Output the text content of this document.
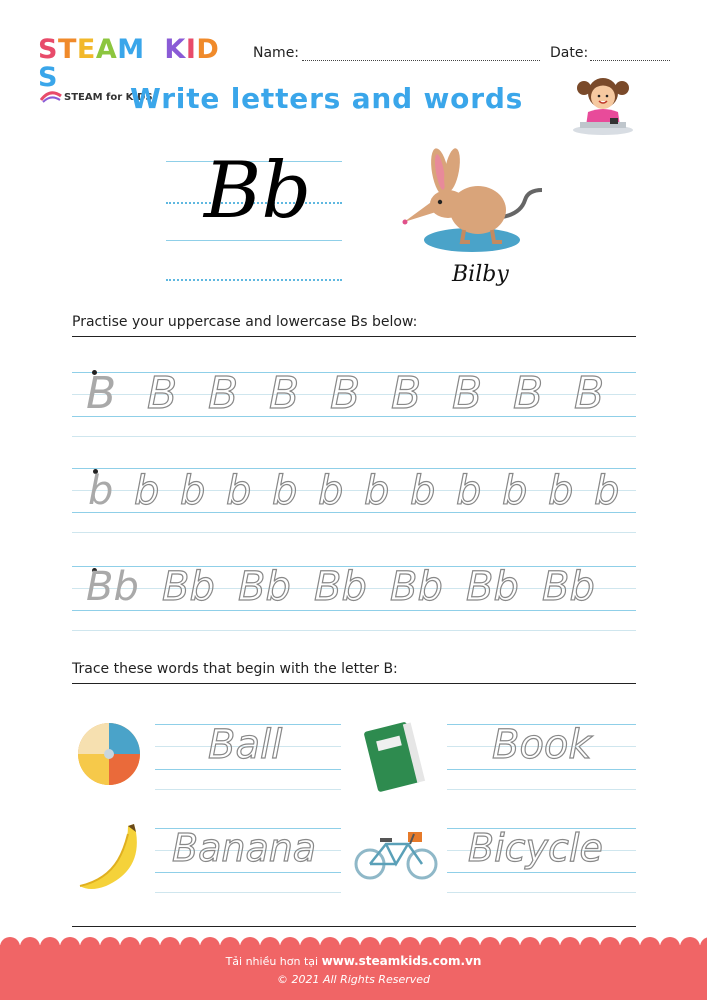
STEAM  KIDS
STEAM for KIDS
Name:	Date:
Write letters and words
Bb
Bilby
Practise your uppercase and lowercase Bs below:
B B B B B B B B B
b b b b b b b b b b b b
Bb Bb Bb Bb Bb Bb Bb
Trace these words that begin with the letter B:
Ball	Book
Banana	Bicycle
Tải nhiều hơn tại www.steamkids.com.vn
© 2021 All Rights Reserved
